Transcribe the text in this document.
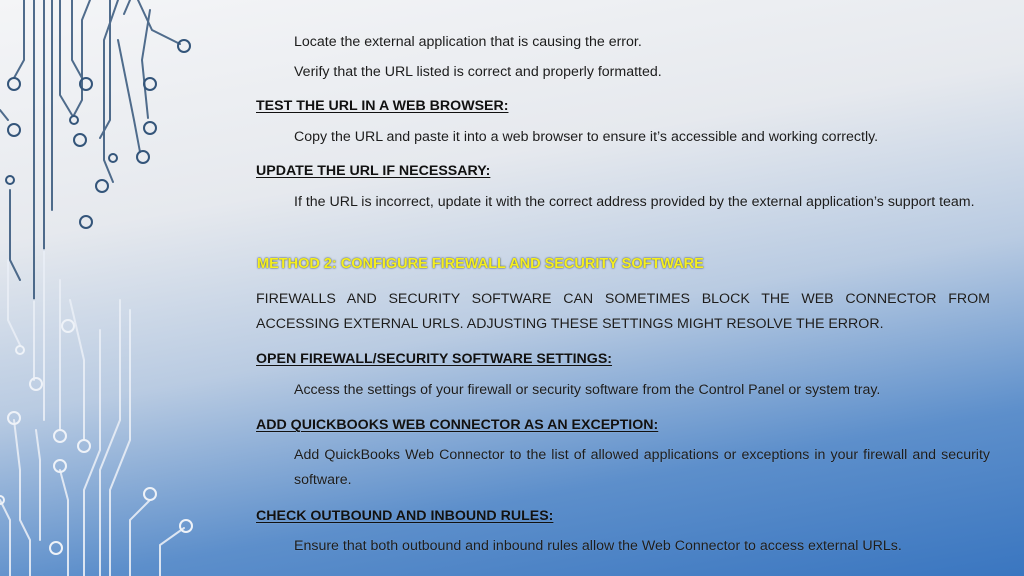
Locate the external application that is causing the error.
Verify that the URL listed is correct and properly formatted.
TEST THE URL IN A WEB BROWSER:
Copy the URL and paste it into a web browser to ensure it’s accessible and working correctly.
UPDATE THE URL IF NECESSARY:
If the URL is incorrect, update it with the correct address provided by the external application’s support team.
METHOD 2: CONFIGURE FIREWALL AND SECURITY SOFTWARE
FIREWALLS AND SECURITY SOFTWARE CAN SOMETIMES BLOCK THE WEB CONNECTOR FROM ACCESSING EXTERNAL URLS. ADJUSTING THESE SETTINGS MIGHT RESOLVE THE ERROR.
OPEN FIREWALL/SECURITY SOFTWARE SETTINGS:
Access the settings of your firewall or security software from the Control Panel or system tray.
ADD QUICKBOOKS WEB CONNECTOR AS AN EXCEPTION:
Add QuickBooks Web Connector to the list of allowed applications or exceptions in your firewall and security software.
CHECK OUTBOUND AND INBOUND RULES:
Ensure that both outbound and inbound rules allow the Web Connector to access external URLs.
